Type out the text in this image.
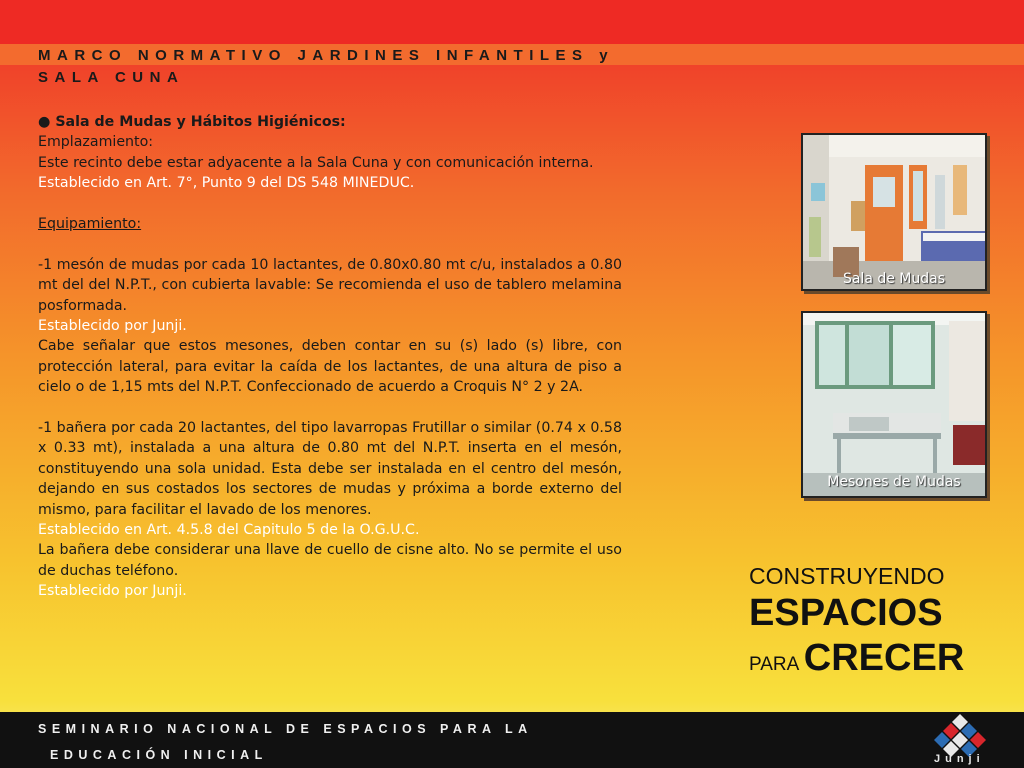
MARCO NORMATIVO JARDINES INFANTILES y SALA CUNA

● Sala de Mudas y Hábitos Higiénicos:

Emplazamiento:

Este recinto debe estar adyacente a la Sala Cuna y con comunicación interna.

Establecido en Art. 7°, Punto 9 del DS 548 MINEDUC.

Equipamiento:

-1 mesón de mudas por cada 10 lactantes, de 0.80x0.80 mt c/u, instalados a 0.80 mt del del N.P.T., con cubierta lavable: Se recomienda el uso de tablero melamina posformada.

Establecido por Junji.

Cabe señalar que estos mesones, deben contar en su (s) lado (s) libre, con protección lateral, para evitar la caída de los lactantes, de una altura de piso a cielo o de 1,15 mts del N.P.T. Confeccionado de acuerdo a Croquis N° 2 y 2A.

-1 bañera por cada 20 lactantes, del tipo lavarropas Frutillar o similar (0.74 x 0.58 x 0.33 mt), instalada a una altura de 0.80 mt del N.P.T. inserta en el mesón, constituyendo una sola unidad. Esta debe ser instalada en el centro del mesón, dejando en sus costados los sectores de mudas y próxima a borde externo del mismo, para facilitar el lavado de los menores.

Establecido en Art. 4.5.8 del Capitulo 5 de la O.G.U.C.

La bañera debe considerar una llave de cuello de cisne alto. No se permite el uso de duchas teléfono.

Establecido por Junji.

Sala de Mudas
Mesones de Mudas
CONSTRUYENDO
ESPACIOS
PARA CRECER
SEMINARIO NACIONAL DE ESPACIOS PARA LA
EDUCACIÓN INICIAL	Junji
